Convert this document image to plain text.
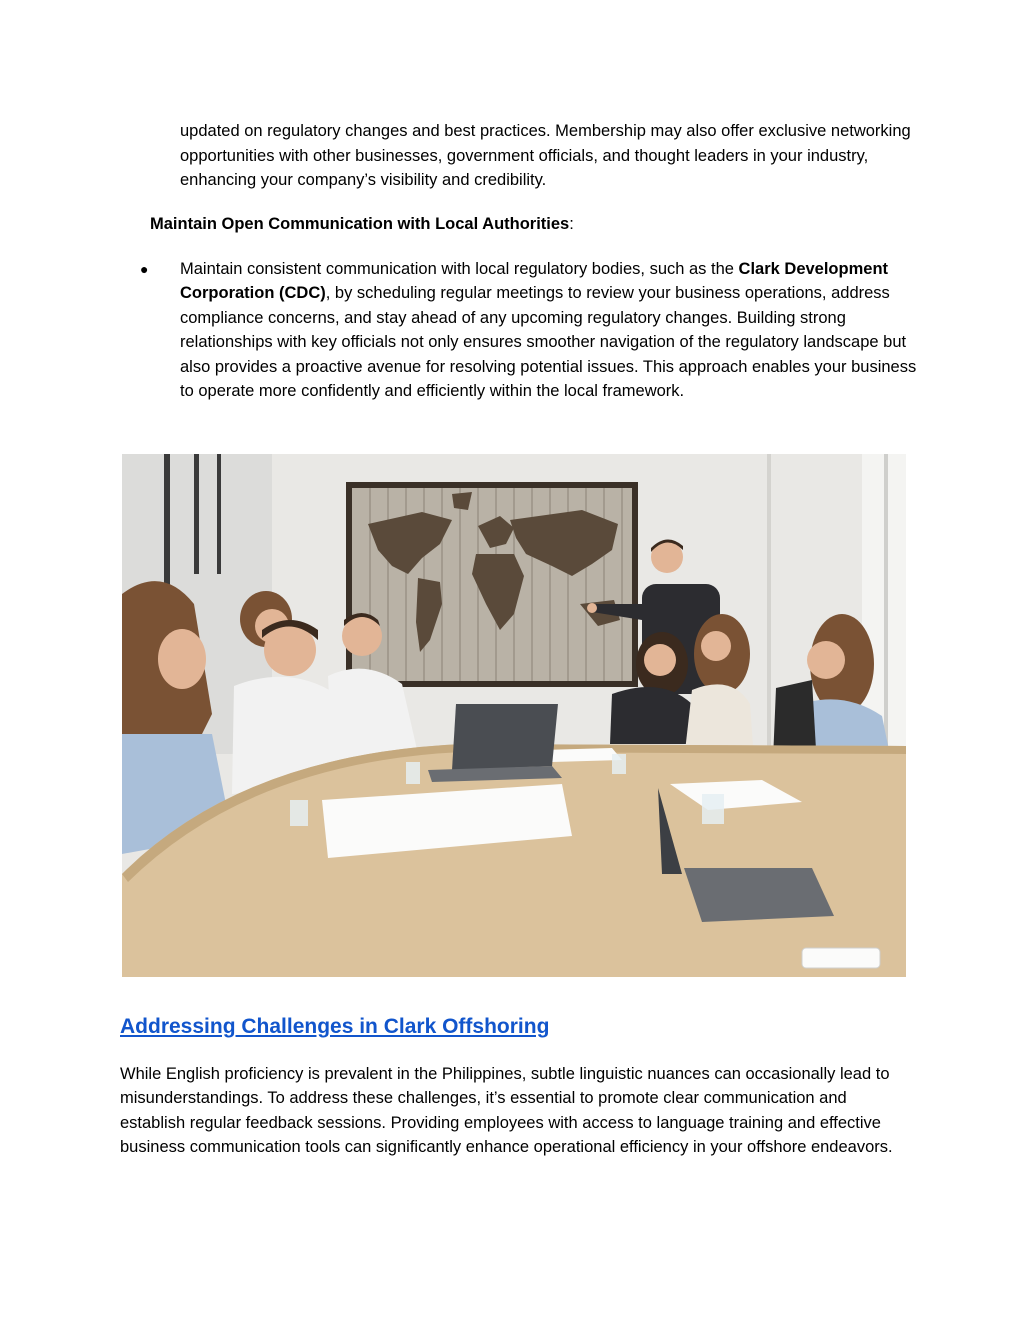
updated on regulatory changes and best practices. Membership may also offer exclusive networking opportunities with other businesses, government officials, and thought leaders in your industry, enhancing your company’s visibility and credibility.

Maintain Open Communication with Local Authorities:

● Maintain consistent communication with local regulatory bodies, such as the Clark Development Corporation (CDC), by scheduling regular meetings to review your business operations, address compliance concerns, and stay ahead of any upcoming regulatory changes. Building strong relationships with key officials not only ensures smoother navigation of the regulatory landscape but also provides a proactive avenue for resolving potential issues. This approach enables your business to operate more confidently and efficiently within the local framework.
Addressing Challenges in Clark Offshoring

While English proficiency is prevalent in the Philippines, subtle linguistic nuances can occasionally lead to misunderstandings. To address these challenges, it’s essential to promote clear communication and establish regular feedback sessions. Providing employees with access to language training and effective business communication tools can significantly enhance operational efficiency in your offshore endeavors.
